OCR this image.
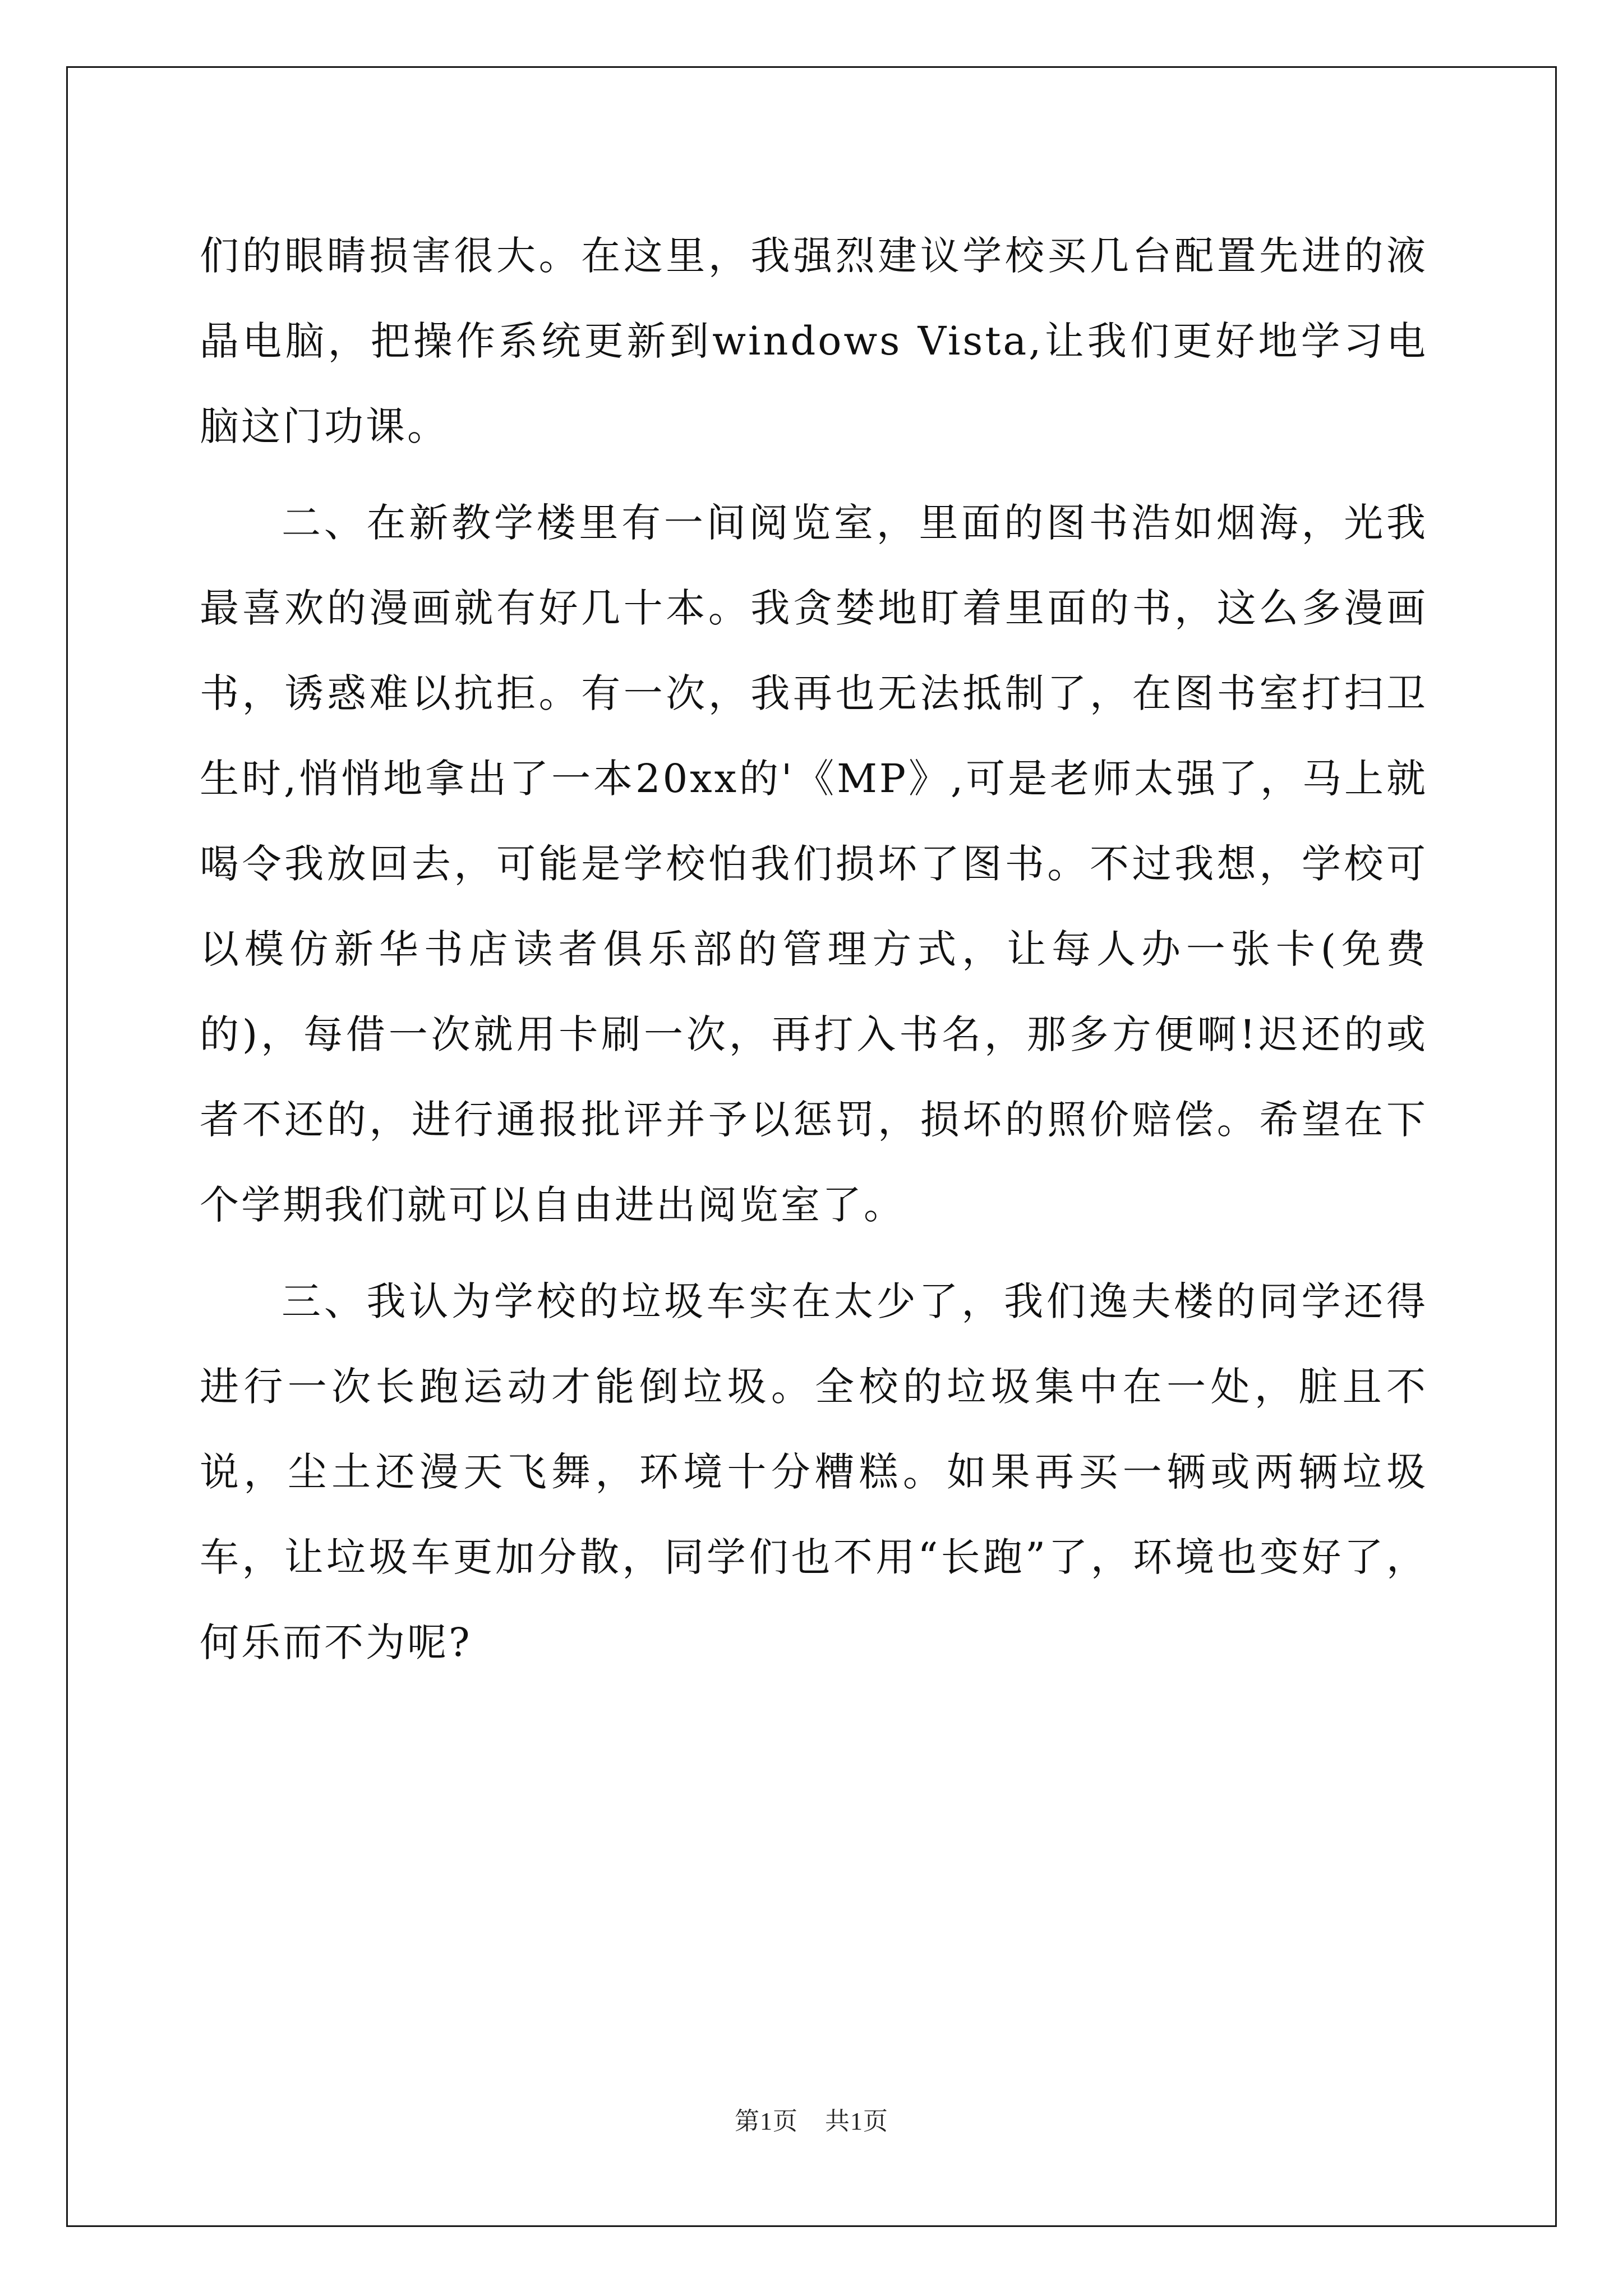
们的眼睛损害很大。在这里，我强烈建议学校买几台配置先进的液晶电脑，把操作系统更新到windows Vista,让我们更好地学习电脑这门功课。

二、在新教学楼里有一间阅览室，里面的图书浩如烟海，光我最喜欢的漫画就有好几十本。我贪婪地盯着里面的书，这么多漫画书，诱惑难以抗拒。有一次，我再也无法抵制了，在图书室打扫卫生时,悄悄地拿出了一本20xx的'《MP》,可是老师太强了，马上就喝令我放回去，可能是学校怕我们损坏了图书。不过我想，学校可以模仿新华书店读者俱乐部的管理方式，让每人办一张卡(免费的)，每借一次就用卡刷一次，再打入书名，那多方便啊!迟还的或者不还的，进行通报批评并予以惩罚，损坏的照价赔偿。希望在下个学期我们就可以自由进出阅览室了。

三、我认为学校的垃圾车实在太少了，我们逸夫楼的同学还得进行一次长跑运动才能倒垃圾。全校的垃圾集中在一处，脏且不说，尘土还漫天飞舞，环境十分糟糕。如果再买一辆或两辆垃圾车，让垃圾车更加分散，同学们也不用“长跑”了，环境也变好了，何乐而不为呢?

第1页 共1页
